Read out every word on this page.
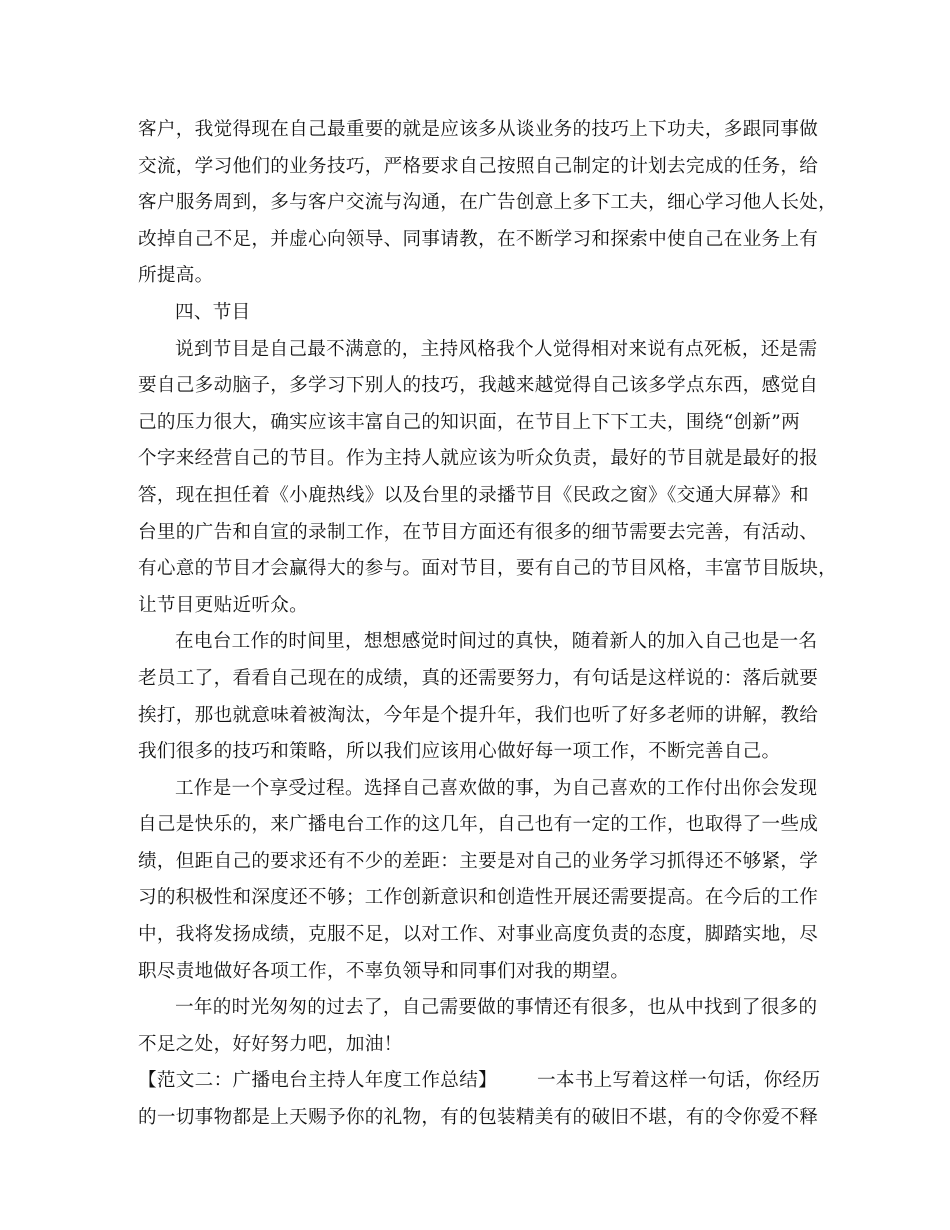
客户，我觉得现在自己最重要的就是应该多从谈业务的技巧上下功夫，多跟同事做
交流，学习他们的业务技巧，严格要求自己按照自己制定的计划去完成的任务，给
客户服务周到，多与客户交流与沟通，在广告创意上多下工夫，细心学习他人长处，
改掉自己不足，并虚心向领导、同事请教，在不断学习和探索中使自己在业务上有
所提高。
四、节目
说到节目是自己最不满意的，主持风格我个人觉得相对来说有点死板，还是需
要自己多动脑子，多学习下别人的技巧，我越来越觉得自己该多学点东西，感觉自
己的压力很大，确实应该丰富自己的知识面，在节目上下下工夫，围绕“创新”两
个字来经营自己的节目。作为主持人就应该为听众负责，最好的节目就是最好的报
答，现在担任着《小鹿热线》以及台里的录播节目《民政之窗》《交通大屏幕》和
台里的广告和自宣的录制工作，在节目方面还有很多的细节需要去完善，有活动、
有心意的节目才会赢得大的参与。面对节目，要有自己的节目风格，丰富节目版块，
让节目更贴近听众。
在电台工作的时间里，想想感觉时间过的真快，随着新人的加入自己也是一名
老员工了，看看自己现在的成绩，真的还需要努力，有句话是这样说的：落后就要
挨打，那也就意味着被淘汰，今年是个提升年，我们也听了好多老师的讲解，教给
我们很多的技巧和策略，所以我们应该用心做好每一项工作，不断完善自己。
工作是一个享受过程。选择自己喜欢做的事，为自己喜欢的工作付出你会发现
自己是快乐的，来广播电台工作的这几年，自己也有一定的工作，也取得了一些成
绩，但距自己的要求还有不少的差距：主要是对自己的业务学习抓得还不够紧，学
习的积极性和深度还不够；工作创新意识和创造性开展还需要提高。在今后的工作
中，我将发扬成绩，克服不足，以对工作、对事业高度负责的态度，脚踏实地，尽
职尽责地做好各项工作，不辜负领导和同事们对我的期望。
一年的时光匆匆的过去了，自己需要做的事情还有很多，也从中找到了很多的
不足之处，好好努力吧，加油！
【范文二：广播电台主持人年度工作总结】 一本书上写着这样一句话，你经历
的一切事物都是上天赐予你的礼物，有的包装精美有的破旧不堪，有的令你爱不释
